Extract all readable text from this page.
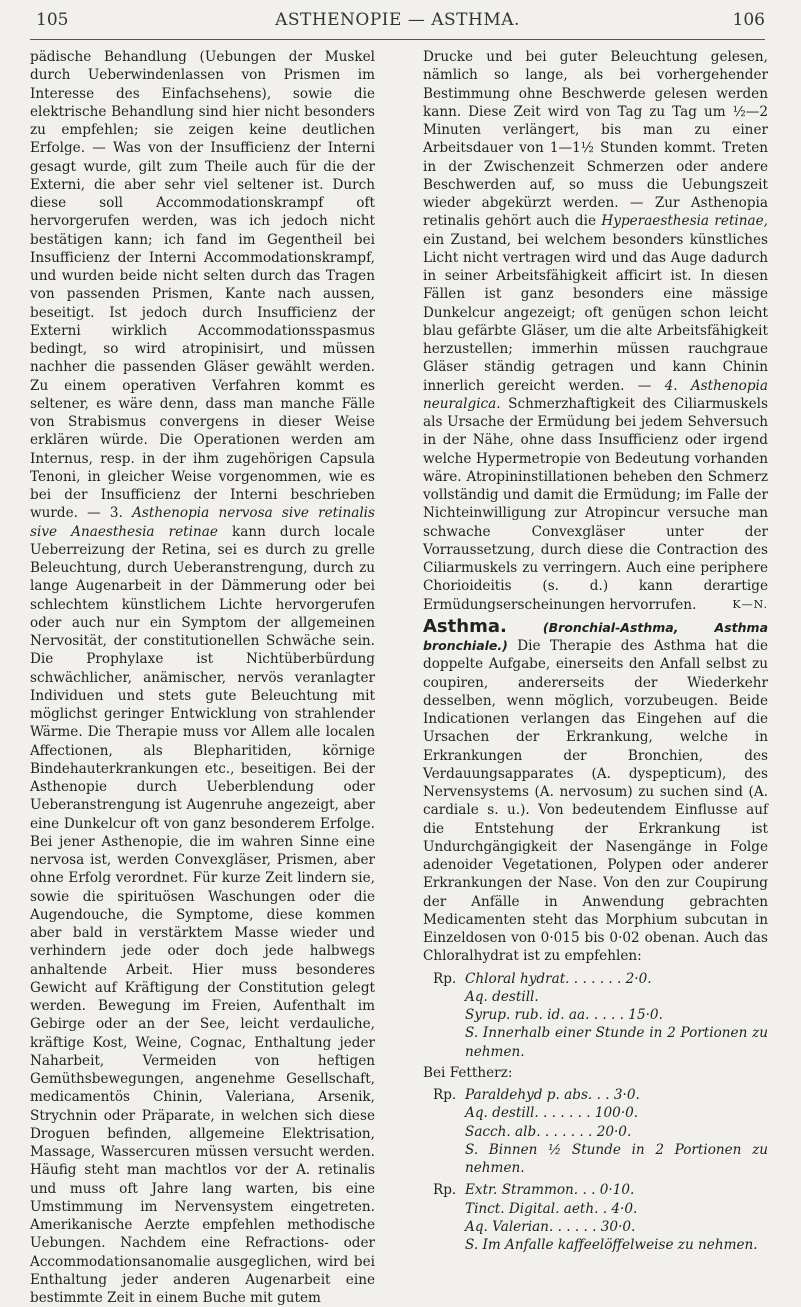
105	ASTHENOPIE — ASTHMA.	106

pädische Behandlung (Uebungen der Muskel durch Ueberwindenlassen von Prismen im Interesse des Einfachsehens), sowie die elektrische Behandlung sind hier nicht besonders zu empfehlen; sie zeigen keine deutlichen Erfolge. — Was von der Insufficienz der Interni gesagt wurde, gilt zum Theile auch für die der Externi, die aber sehr viel seltener ist. Durch diese soll Accommodationskrampf oft hervorgerufen werden, was ich jedoch nicht bestätigen kann; ich fand im Gegentheil bei Insufficienz der Interni Accommodationskrampf, und wurden beide nicht selten durch das Tragen von passenden Prismen, Kante nach aussen, beseitigt. Ist jedoch durch Insufficienz der Externi wirklich Accommodationsspasmus bedingt, so wird atropinisirt, und müssen nachher die passenden Gläser gewählt werden. Zu einem operativen Verfahren kommt es seltener, es wäre denn, dass man manche Fälle von Strabismus convergens in dieser Weise erklären würde. Die Operationen werden am Internus, resp. in der ihm zugehörigen Capsula Tenoni, in gleicher Weise vorgenommen, wie es bei der Insufficienz der Interni beschrieben wurde. — 3. Asthenopia nervosa sive retinalis sive Anaesthesia retinae kann durch locale Ueberreizung der Retina, sei es durch zu grelle Beleuchtung, durch Ueberanstrengung, durch zu lange Augenarbeit in der Dämmerung oder bei schlechtem künstlichem Lichte hervorgerufen oder auch nur ein Symptom der allgemeinen Nervosität, der constitutionellen Schwäche sein. Die Prophylaxe ist Nichtüberbürdung schwächlicher, anämischer, nervös veranlagter Individuen und stets gute Beleuchtung mit möglichst geringer Entwicklung von strahlender Wärme. Die Therapie muss vor Allem alle localen Affectionen, als Blepharitiden, körnige Bindehauterkrankungen etc., beseitigen. Bei der Asthenopie durch Ueberblendung oder Ueberanstrengung ist Augenruhe angezeigt, aber eine Dunkelcur oft von ganz besonderem Erfolge. Bei jener Asthenopie, die im wahren Sinne eine nervosa ist, werden Convexgläser, Prismen, aber ohne Erfolg verordnet. Für kurze Zeit lindern sie, sowie die spirituösen Waschungen oder die Augendouche, die Symptome, diese kommen aber bald in verstärktem Masse wieder und verhindern jede oder doch jede halbwegs anhaltende Arbeit. Hier muss besonderes Gewicht auf Kräftigung der Constitution gelegt werden. Bewegung im Freien, Aufenthalt im Gebirge oder an der See, leicht verdauliche, kräftige Kost, Weine, Cognac, Enthaltung jeder Naharbeit, Vermeiden von heftigen Gemüthsbewegungen, angenehme Gesellschaft, medicamentös Chinin, Valeriana, Arsenik, Strychnin oder Präparate, in welchen sich diese Droguen befinden, allgemeine Elektrisation, Massage, Wassercuren müssen versucht werden. Häufig steht man machtlos vor der A. retinalis und muss oft Jahre lang warten, bis eine Umstimmung im Nervensystem eingetreten. Amerikanische Aerzte empfehlen methodische Uebungen. Nachdem eine Refractions- oder Accommodationsanomalie ausgeglichen, wird bei Enthaltung jeder anderen Augenarbeit eine bestimmte Zeit in einem Buche mit gutem

Drucke und bei guter Beleuchtung gelesen, nämlich so lange, als bei vorhergehender Bestimmung ohne Beschwerde gelesen werden kann. Diese Zeit wird von Tag zu Tag um ½—2 Minuten verlängert, bis man zu einer Arbeitsdauer von 1—1½ Stunden kommt. Treten in der Zwischenzeit Schmerzen oder andere Beschwerden auf, so muss die Uebungszeit wieder abgekürzt werden. — Zur Asthenopia retinalis gehört auch die Hyperaesthesia retinae, ein Zustand, bei welchem besonders künstliches Licht nicht vertragen wird und das Auge dadurch in seiner Arbeitsfähigkeit afficirt ist. In diesen Fällen ist ganz besonders eine mässige Dunkelcur angezeigt; oft genügen schon leicht blau gefärbte Gläser, um die alte Arbeitsfähigkeit herzustellen; immerhin müssen rauchgraue Gläser ständig getragen und kann Chinin innerlich gereicht werden. — 4. Asthenopia neuralgica. Schmerzhaftigkeit des Ciliarmuskels als Ursache der Ermüdung bei jedem Sehversuch in der Nähe, ohne dass Insufficienz oder irgend welche Hypermetropie von Bedeutung vorhanden wäre. Atropininstillationen beheben den Schmerz vollständig und damit die Ermüdung; im Falle der Nichteinwilligung zur Atropincur versuche man schwache Convexgläser unter der Vorraussetzung, durch diese die Contraction des Ciliarmuskels zu verringern. Auch eine periphere Chorioideitis (s. d.) kann derartige Ermüdungserscheinungen hervorrufen.	K—N.

Asthma.	(Bronchial-Asthma, Asthma bronchiale.) Die Therapie des Asthma hat die doppelte Aufgabe, einerseits den Anfall selbst zu coupiren, andererseits der Wiederkehr desselben, wenn möglich, vorzubeugen. Beide Indicationen verlangen das Eingehen auf die Ursachen der Erkrankung, welche in Erkrankungen der Bronchien, des Verdauungsapparates (A. dyspepticum), des Nervensystems (A. nervosum) zu suchen sind (A. cardiale s. u.). Von bedeutendem Einflusse auf die Entstehung der Erkrankung ist Undurchgängigkeit der Nasengänge in Folge adenoider Vegetationen, Polypen oder anderer Erkrankungen der Nase. Von den zur Coupirung der Anfälle in Anwendung gebrachten Medicamenten steht das Morphium subcutan in Einzeldosen von 0·015 bis 0·02 obenan. Auch das Chloralhydrat ist zu empfehlen:

Rp. Chloral hydrat. . . . . . . 2·0.
Aq. destill.
Syrup. rub. id. aa. . . . . 15·0.
S. Innerhalb einer Stunde in 2 Portionen zu nehmen.
Bei Fettherz:
Rp. Paraldehyd p. abs. . . 3·0.
Aq. destill. . . . . . . 100·0.
Sacch. alb. . . . . . . 20·0.
S. Binnen ½ Stunde in 2 Portionen zu nehmen.
Rp. Extr. Strammon. . . 0·10.
Tinct. Digital. aeth. . 4·0.
Aq. Valerian. . . . . . 30·0.
S. Im Anfalle kaffeelöffelweise zu nehmen.
